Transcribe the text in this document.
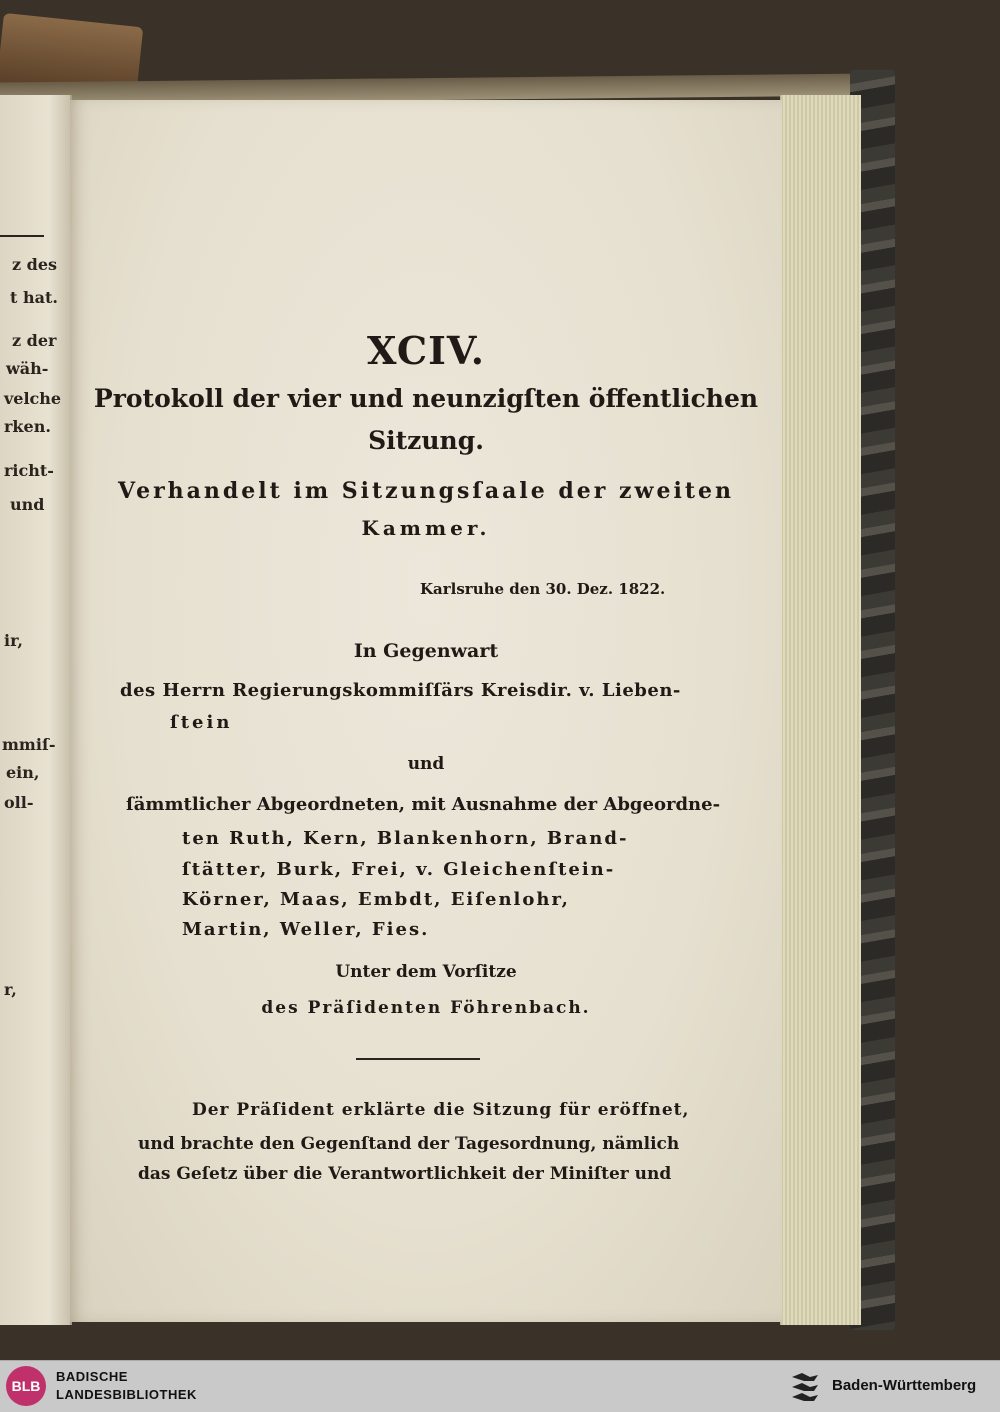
z des
t hat.
z der
wäh-
velche
rken.
richt-
und
ir,
mmiſ-
ein,
oll-
r,
XCIV.
Protokoll der vier und neunzigſten öffentlichen
Sitzung.
Verhandelt im Sitzungsſaale der zweiten
Kammer.
Karlsruhe den 30. Dez. 1822.
In Gegenwart
des Herrn Regierungskommiſſärs Kreisdir. v. Lieben-
ſtein
und
ſämmtlicher Abgeordneten, mit Ausnahme der Abgeordne-
ten Ruth, Kern, Blankenhorn, Brand-
ſtätter, Burk, Frei, v. Gleichenſtein-
Körner, Maas, Embdt, Eiſenlohr,
Martin, Weller, Fies.
Unter dem Vorſitze
des Präſidenten Föhrenbach.
Der Präſident erklärte die Sitzung für eröffnet,
und brachte den Gegenſtand der Tagesordnung, nämlich
das Geſetz über die Verantwortlichkeit der Miniſter und
BLB
BADISCHE
LANDESBIBLIOTHEK
Baden-Württemberg
